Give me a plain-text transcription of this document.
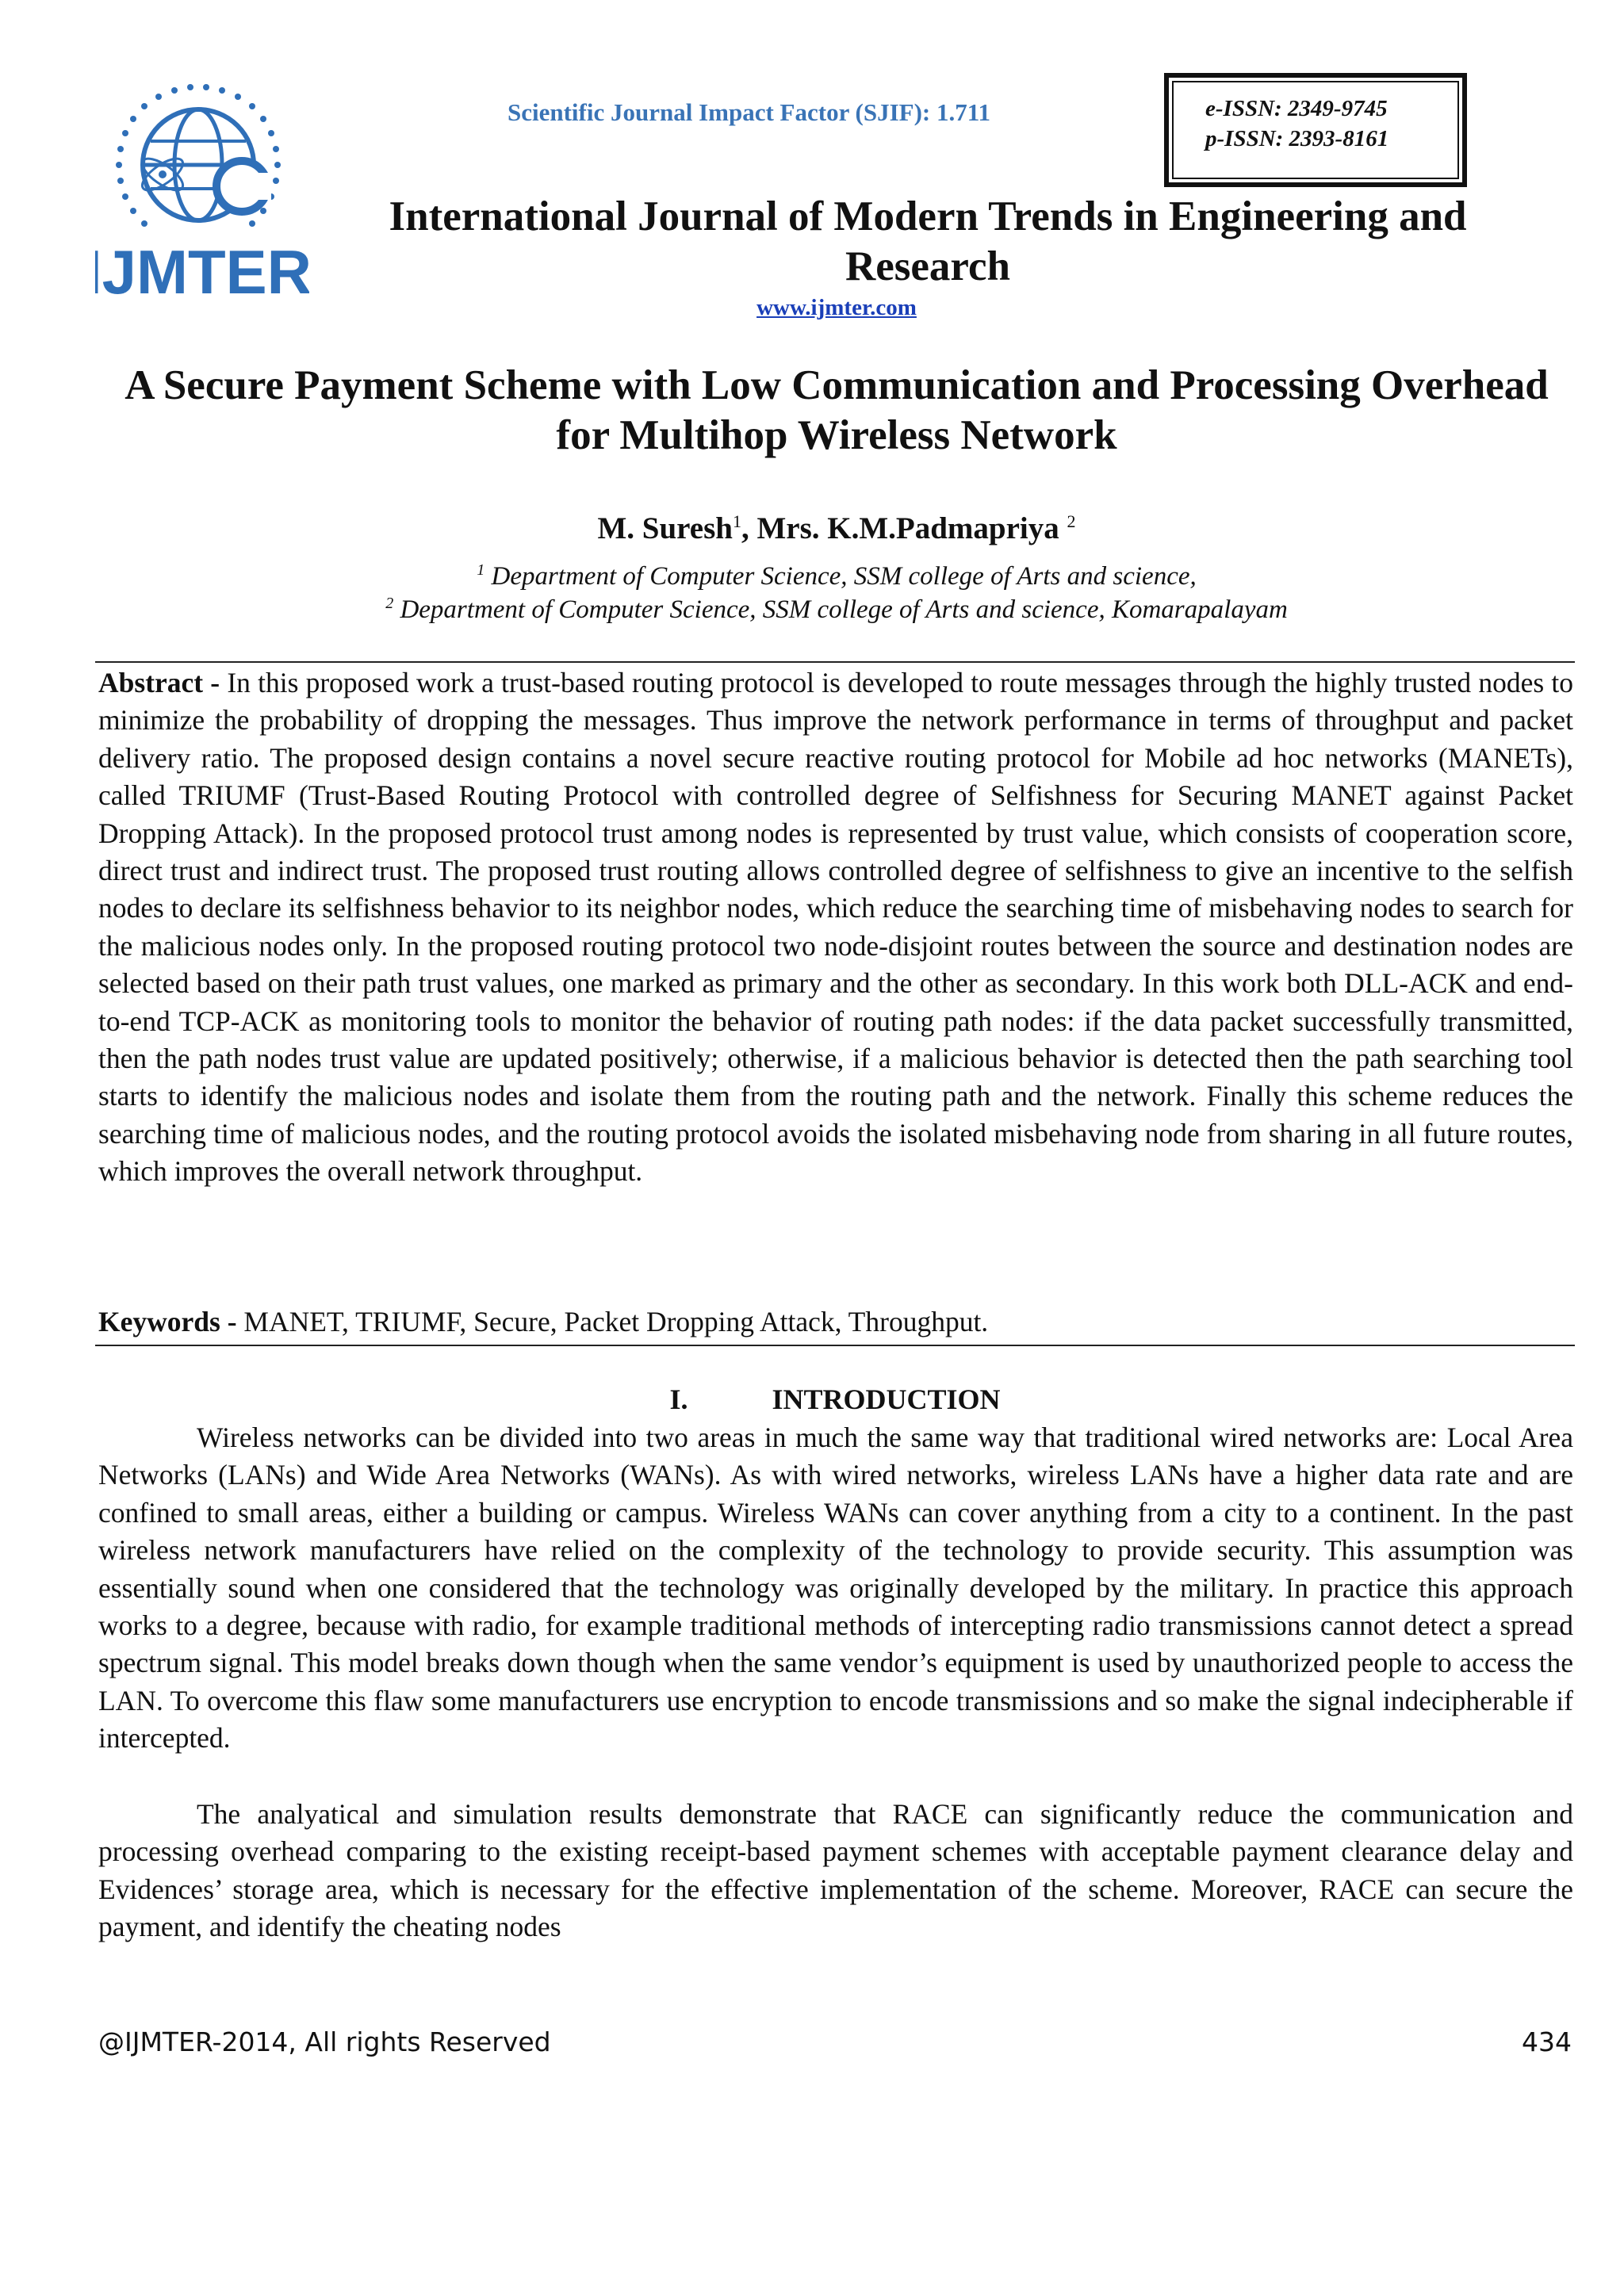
IJMTER
Scientific Journal Impact Factor (SJIF): 1.711	e-ISSN: 2349-9745
p-ISSN: 2393-8161
International Journal of Modern Trends in Engineering and Research
www.ijmter.com
A Secure Payment Scheme with Low Communication and Processing Overhead for Multihop Wireless Network
M. Suresh$^1$, Mrs. K.M.Padmapriya $^2$
$^1$ Department of Computer Science, SSM college of Arts and science,
$^2$ Department of Computer Science, SSM college of Arts and science, Komarapalayam
Abstract - In this proposed work a trust-based routing protocol is developed to route messages through the highly trusted nodes to minimize the probability of dropping the messages. Thus improve the network performance in terms of throughput and packet delivery ratio. The proposed design contains a novel secure reactive routing protocol for Mobile ad hoc networks (MANETs), called TRIUMF (Trust-Based Routing Protocol with controlled degree of Selfishness for Securing MANET against Packet Dropping Attack). In the proposed protocol trust among nodes is represented by trust value, which consists of cooperation score, direct trust and indirect trust. The proposed trust routing allows controlled degree of selfishness to give an incentive to the selfish nodes to declare its selfishness behavior to its neighbor nodes, which reduce the searching time of misbehaving nodes to search for the malicious nodes only. In the proposed routing protocol two node-disjoint routes between the source and destination nodes are selected based on their path trust values, one marked as primary and the other as secondary. In this work both DLL-ACK and end- to-end TCP-ACK as monitoring tools to monitor the behavior of routing path nodes: if the data packet successfully transmitted, then the path nodes trust value are updated positively; otherwise, if a malicious behavior is detected then the path searching tool starts to identify the malicious nodes and isolate them from the routing path and the network. Finally this scheme reduces the searching time of malicious nodes, and the routing protocol avoids the isolated misbehaving node from sharing in all future routes, which improves the overall network throughput.
Keywords - MANET, TRIUMF, Secure, Packet Dropping Attack, Throughput.
I.	INTRODUCTION
Wireless networks can be divided into two areas in much the same way that traditional wired networks are: Local Area Networks (LANs) and Wide Area Networks (WANs). As with wired networks, wireless LANs have a higher data rate and are confined to small areas, either a building or campus. Wireless WANs can cover anything from a city to a continent. In the past wireless network manufacturers have relied on the complexity of the technology to provide security. This assumption was essentially sound when one considered that the technology was originally developed by the military. In practice this approach works to a degree, because with radio, for example traditional methods of intercepting radio transmissions cannot detect a spread spectrum signal. This model breaks down though when the same vendor’s equipment is used by unauthorized people to access the LAN. To overcome this flaw some manufacturers use encryption to encode transmissions and so make the signal indecipherable if intercepted.
The analyatical and simulation results demonstrate that RACE can significantly reduce the communication and processing overhead comparing to the existing receipt-based payment schemes with acceptable payment clearance delay and Evidences’ storage area, which is necessary for the effective implementation of the scheme. Moreover, RACE can secure the payment, and identify the cheating nodes
@IJMTER-2014, All rights Reserved	434
